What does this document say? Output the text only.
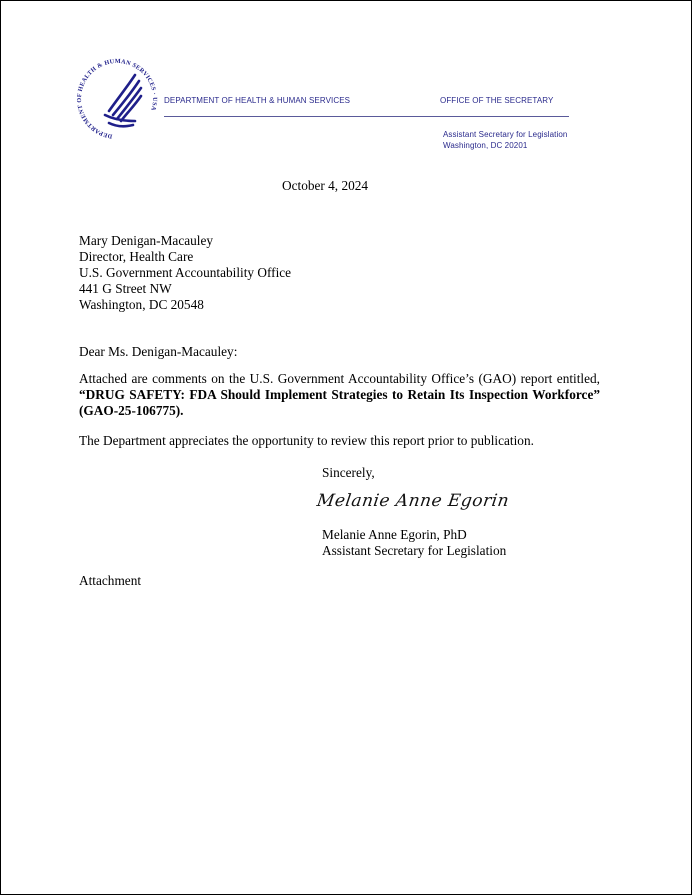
DEPARTMENT OF HEALTH & HUMAN SERVICES · USA
DEPARTMENT OF HEALTH & HUMAN SERVICES	OFFICE OF THE SECRETARY
Assistant Secretary for Legislation
Washington, DC 20201
October 4, 2024
Mary Denigan-Macauley
Director, Health Care
U.S. Government Accountability Office
441 G Street NW
Washington, DC 20548
Dear Ms. Denigan-Macauley:
Attached are comments on the U.S. Government Accountability Office’s (GAO) report entitled, “DRUG SAFETY: FDA Should Implement Strategies to Retain Its Inspection Workforce” (GAO-25-106775).
The Department appreciates the opportunity to review this report prior to publication.
Sincerely,
Melanie Anne Egorin
Melanie Anne Egorin, PhD
Assistant Secretary for Legislation
Attachment
